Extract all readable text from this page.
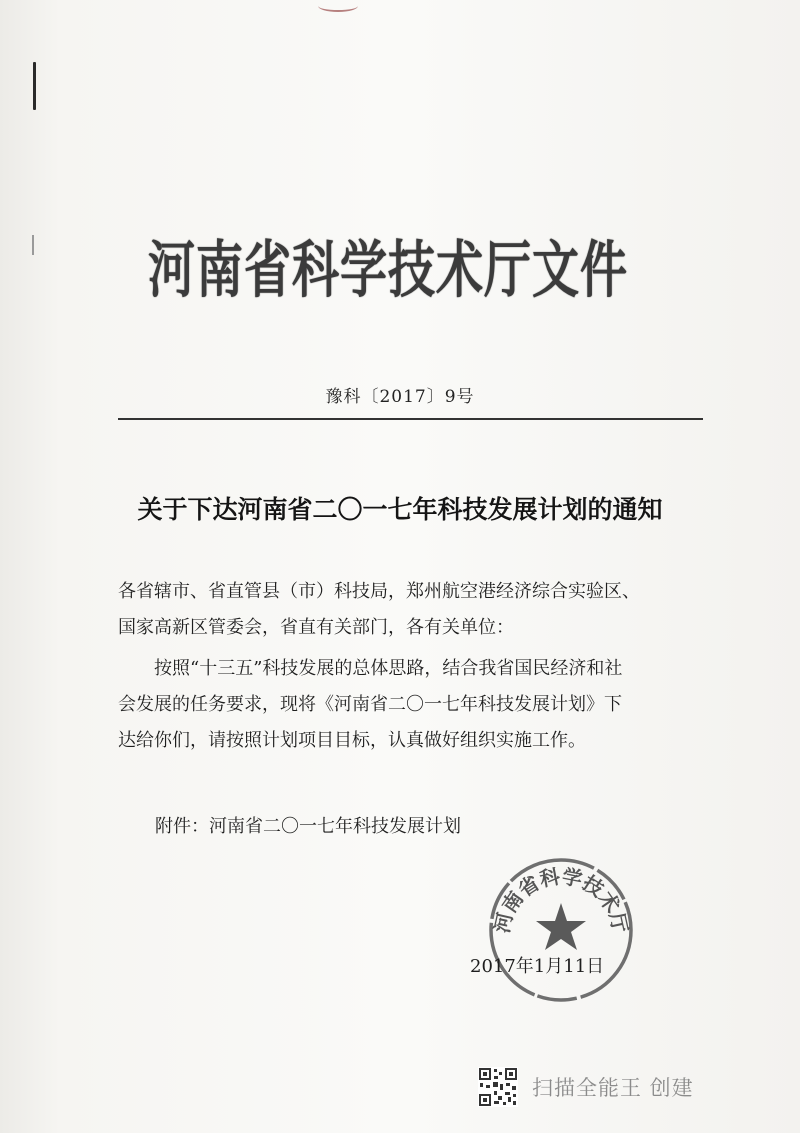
河南省科学技术厅文件
豫科〔2017〕9号
关于下达河南省二〇一七年科技发展计划的通知
各省辖市、省直管县（市）科技局，郑州航空港经济综合实验区、
国家高新区管委会，省直有关部门，各有关单位：
按照“十三五”科技发展的总体思路，结合我省国民经济和社
会发展的任务要求，现将《河南省二〇一七年科技发展计划》下
达给你们，请按照计划项目目标，认真做好组织实施工作。
附件：河南省二〇一七年科技发展计划
河南省科学技术厅
2017年1月11日
扫描全能王 创建
